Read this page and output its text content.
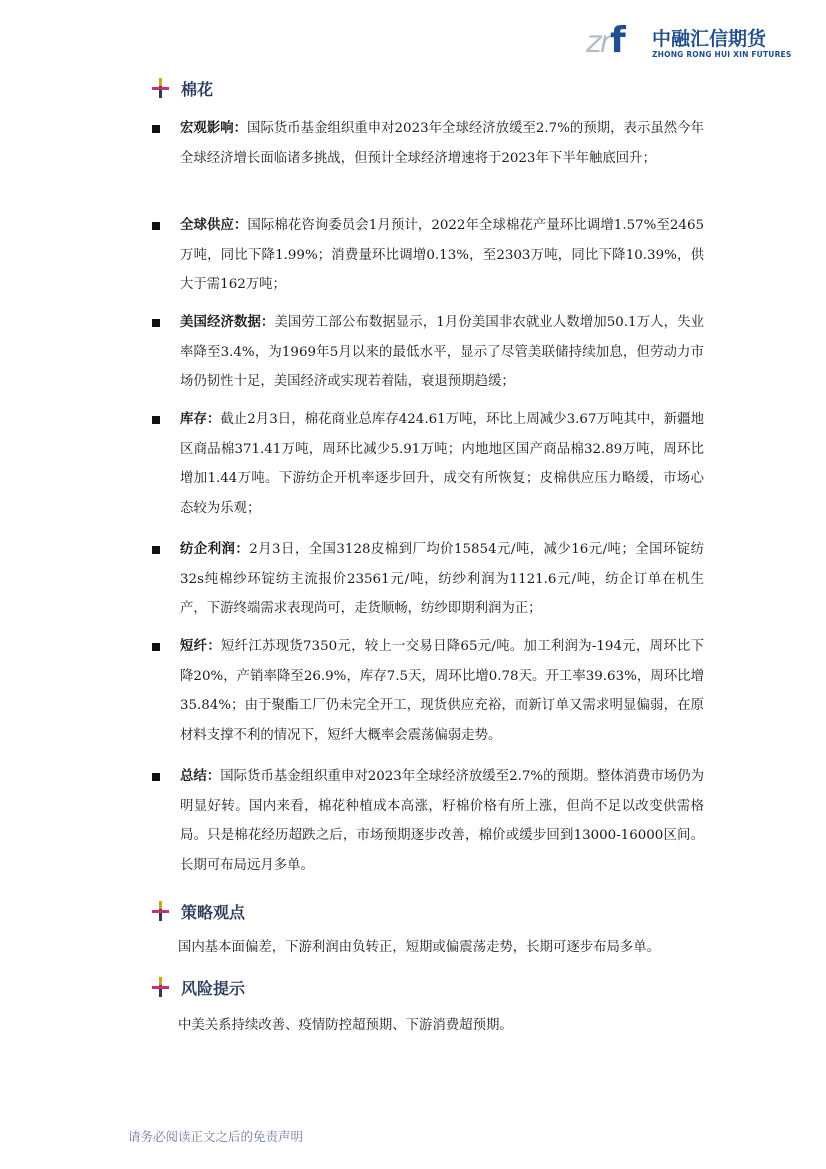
zrf 中融汇信期货
ZHONG RONG HUI XIN FUTURES
棉花
宏观影响：国际货币基金组织重申对2023年全球经济放缓至2.7%的预期，表示虽然今年全球经济增长面临诸多挑战，但预计全球经济增速将于2023年下半年触底回升；
全球供应：国际棉花咨询委员会1月预计，2022年全球棉花产量环比调增1.57%至2465万吨，同比下降1.99%；消费量环比调增0.13%，至2303万吨，同比下降10.39%，供大于需162万吨；
美国经济数据：美国劳工部公布数据显示，1月份美国非农就业人数增加50.1万人，失业率降至3.4%，为1969年5月以来的最低水平，显示了尽管美联储持续加息，但劳动力市场仍韧性十足，美国经济或实现若着陆，衰退预期趋缓；
库存：截止2月3日，棉花商业总库存424.61万吨，环比上周减少3.67万吨其中，新疆地区商品棉371.41万吨，周环比减少5.91万吨；内地地区国产商品棉32.89万吨，周环比增加1.44万吨。下游纺企开机率逐步回升，成交有所恢复；皮棉供应压力略缓，市场心态较为乐观；
纺企利润：2月3日，全国3128皮棉到厂均价15854元/吨，减少16元/吨；全国环锭纺32s纯棉纱环锭纺主流报价23561元/吨，纺纱利润为1121.6元/吨，纺企订单在机生产，下游终端需求表现尚可，走货顺畅，纺纱即期利润为正；
短纤：短纤江苏现货7350元，较上一交易日降65元/吨。加工利润为-194元，周环比下降20%，产销率降至26.9%，库存7.5天，周环比增0.78天。开工率39.63%，周环比增35.84%；由于聚酯工厂仍未完全开工，现货供应充裕，而新订单又需求明显偏弱，在原材料支撑不利的情况下，短纤大概率会震荡偏弱走势。
总结：国际货币基金组织重申对2023年全球经济放缓至2.7%的预期。整体消费市场仍为明显好转。国内来看，棉花种植成本高涨，籽棉价格有所上涨，但尚不足以改变供需格局。只是棉花经历超跌之后，市场预期逐步改善，棉价或缓步回到13000-16000区间。长期可布局远月多单。
策略观点
国内基本面偏差，下游利润由负转正，短期或偏震荡走势，长期可逐步布局多单。
风险提示
中美关系持续改善、疫情防控超预期、下游消费超预期。
请务必阅读正文之后的免责声明
